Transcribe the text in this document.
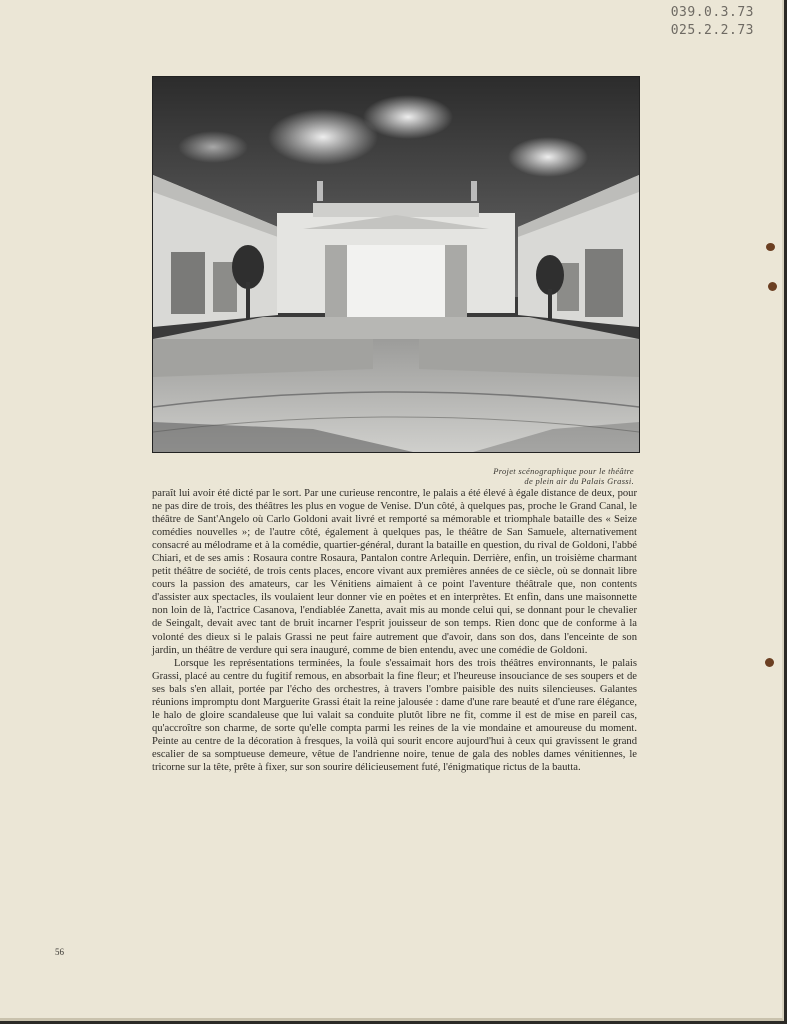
039.0.3.73
025.2.2.73
Projet scénographique pour le théâtre
de plein air du Palais Grassi.

paraît lui avoir été dicté par le sort. Par une curieuse rencontre, le palais a été élevé à égale distance de deux, pour ne pas dire de trois, des théâtres les plus en vogue de Venise. D'un côté, à quelques pas, proche le Grand Canal, le théâtre de Sant'Angelo où Carlo Goldoni avait livré et remporté sa mémorable et triomphale bataille des « Seize comédies nouvelles »; de l'autre côté, également à quelques pas, le théâtre de San Samuele, alternativement consacré au mélodrame et à la comédie, quartier-général, durant la bataille en question, du rival de Goldoni, l'abbé Chiari, et de ses amis : Rosaura contre Rosaura, Pantalon contre Arlequin. Derrière, enfin, un troisième charmant petit théâtre de société, de trois cents places, encore vivant aux premières années de ce siècle, où se donnait libre cours la passion des amateurs, car les Vénitiens aimaient à ce point l'aventure théâtrale que, non contents d'assister aux spectacles, ils voulaient leur donner vie en poètes et en interprètes. Et enfin, dans une maisonnette non loin de là, l'actrice Casanova, l'endiablée Zanetta, avait mis au monde celui qui, se donnant pour le chevalier de Seingalt, devait avec tant de bruit incarner l'esprit jouisseur de son temps. Rien donc que de conforme à la volonté des dieux si le palais Grassi ne peut faire autrement que d'avoir, dans son dos, dans l'enceinte de son jardin, un théâtre de verdure qui sera inauguré, comme de bien entendu, avec une comédie de Goldoni.

Lorsque les représentations terminées, la foule s'essaimait hors des trois théâtres environnants, le palais Grassi, placé au centre du fugitif remous, en absorbait la fine fleur; et l'heureuse insouciance de ses soupers et de ses bals s'en allait, portée par l'écho des orchestres, à travers l'ombre paisible des nuits silencieuses. Galantes réunions impromptu dont Marguerite Grassi était la reine jalousée : dame d'une rare beauté et d'une rare élégance, le halo de gloire scandaleuse que lui valait sa conduite plutôt libre ne fit, comme il est de mise en pareil cas, qu'accroître son charme, de sorte qu'elle compta parmi les reines de la vie mondaine et amoureuse du moment. Peinte au centre de la décoration à fresques, la voilà qui sourit encore aujourd'hui à ceux qui gravissent le grand escalier de sa somptueuse demeure, vêtue de l'andrienne noire, tenue de gala des nobles dames vénitiennes, le tricorne sur la tête, prête à fixer, sur son sourire délicieusement futé, l'énigmatique rictus de la bautta.

56
